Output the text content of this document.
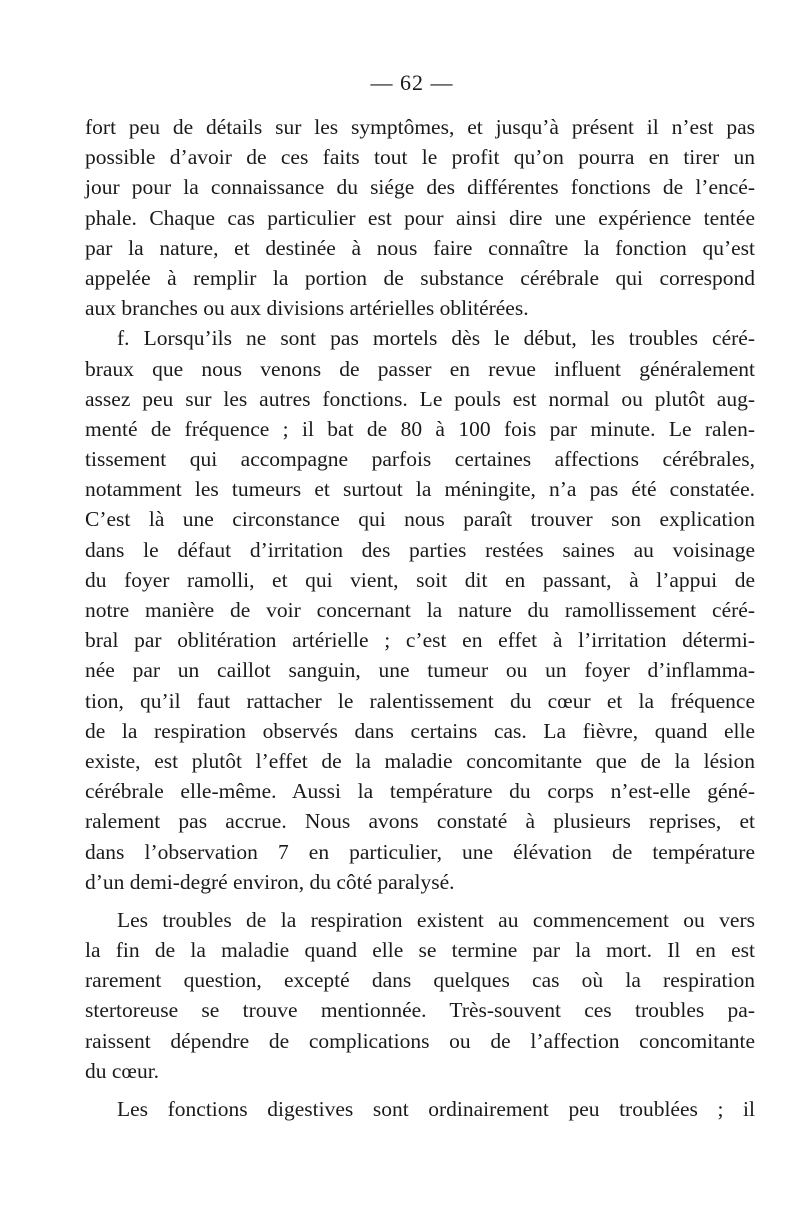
— 62 —
fort peu de détails sur les symptômes, et jusqu’à présent il n’est pas
possible d’avoir de ces faits tout le profit qu’on pourra en tirer un
jour pour la connaissance du siége des différentes fonctions de l’encé-
phale. Chaque cas particulier est pour ainsi dire une expérience tentée
par la nature, et destinée à nous faire connaître la fonction qu’est
appelée à remplir la portion de substance cérébrale qui correspond
aux branches ou aux divisions artérielles oblitérées.
f. Lorsqu’ils ne sont pas mortels dès le début, les troubles céré-
braux que nous venons de passer en revue influent généralement
assez peu sur les autres fonctions. Le pouls est normal ou plutôt aug-
menté de fréquence ; il bat de 80 à 100 fois par minute. Le ralen-
tissement qui accompagne parfois certaines affections cérébrales,
notamment les tumeurs et surtout la méningite, n’a pas été constatée.
C’est là une circonstance qui nous paraît trouver son explication
dans le défaut d’irritation des parties restées saines au voisinage
du foyer ramolli, et qui vient, soit dit en passant, à l’appui de
notre manière de voir concernant la nature du ramollissement céré-
bral par oblitération artérielle ; c’est en effet à l’irritation détermi-
née par un caillot sanguin, une tumeur ou un foyer d’inflamma-
tion, qu’il faut rattacher le ralentissement du cœur et la fréquence
de la respiration observés dans certains cas. La fièvre, quand elle
existe, est plutôt l’effet de la maladie concomitante que de la lésion
cérébrale elle-même. Aussi la température du corps n’est-elle géné-
ralement pas accrue. Nous avons constaté à plusieurs reprises, et
dans l’observation 7 en particulier, une élévation de température
d’un demi-degré environ, du côté paralysé.
Les troubles de la respiration existent au commencement ou vers
la fin de la maladie quand elle se termine par la mort. Il en est
rarement question, excepté dans quelques cas où la respiration
stertoreuse se trouve mentionnée. Très-souvent ces troubles pa-
raissent dépendre de complications ou de l’affection concomitante
du cœur.
Les fonctions digestives sont ordinairement peu troublées ; il
